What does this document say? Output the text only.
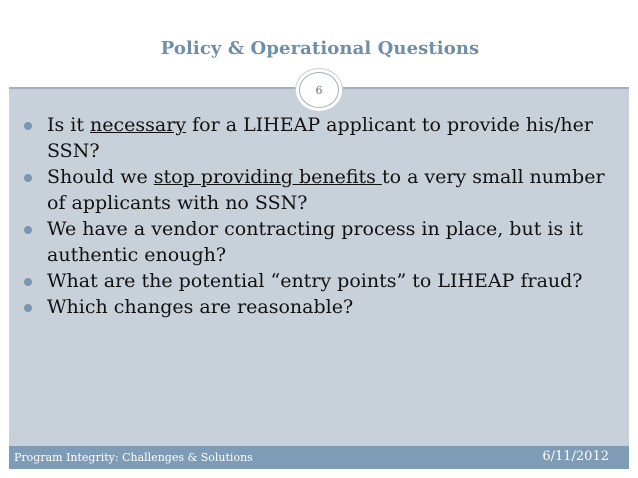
Policy & Operational Questions
6
Is it necessary for a LIHEAP applicant to provide his/her SSN?
Should we stop providing benefits to a very small number of applicants with no SSN?
We have a vendor contracting process in place, but is it authentic enough?
What are the potential “entry points” to LIHEAP fraud?
Which changes are reasonable?
Program Integrity: Challenges & Solutions	6/11/2012
